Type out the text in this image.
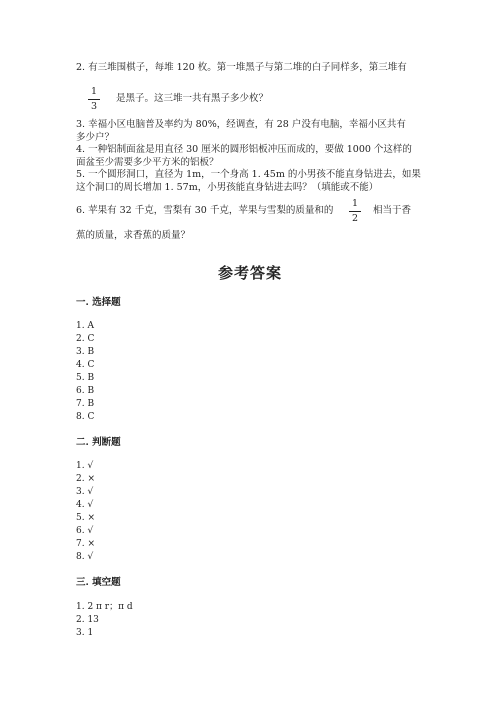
2. 有三堆围棋子，每堆 120 枚。第一堆黑子与第二堆的白子同样多，第三堆有
1
3
是黑子。这三堆一共有黑子多少枚？
3. 幸福小区电脑普及率约为 80%，经调查，有 28 户没有电脑，幸福小区共有
多少户？
4. 一种铝制面盆是用直径 30 厘米的圆形铝板冲压而成的，要做 1000 个这样的
面盆至少需要多少平方米的铝板？
5. 一个圆形洞口，直径为 1m，一个身高 1. 45m 的小男孩不能直身钻进去，如果
这个洞口的周长增加 1. 57m，小男孩能直身钻进去吗？（填能或不能）
6. 苹果有 32 千克，雪梨有 30 千克，苹果与雪梨的质量和的
1
2
相当于香
蕉的质量，求香蕉的质量？
参考答案
一. 选择题
1. A
2. C
3. B
4. C
5. B
6. B
7. B
8. C
二. 判断题
1. √
2. ×
3. √
4. √
5. ×
6. √
7. ×
8. √
三. 填空题
1. 2 π r；π d
2. 13
3. 1
